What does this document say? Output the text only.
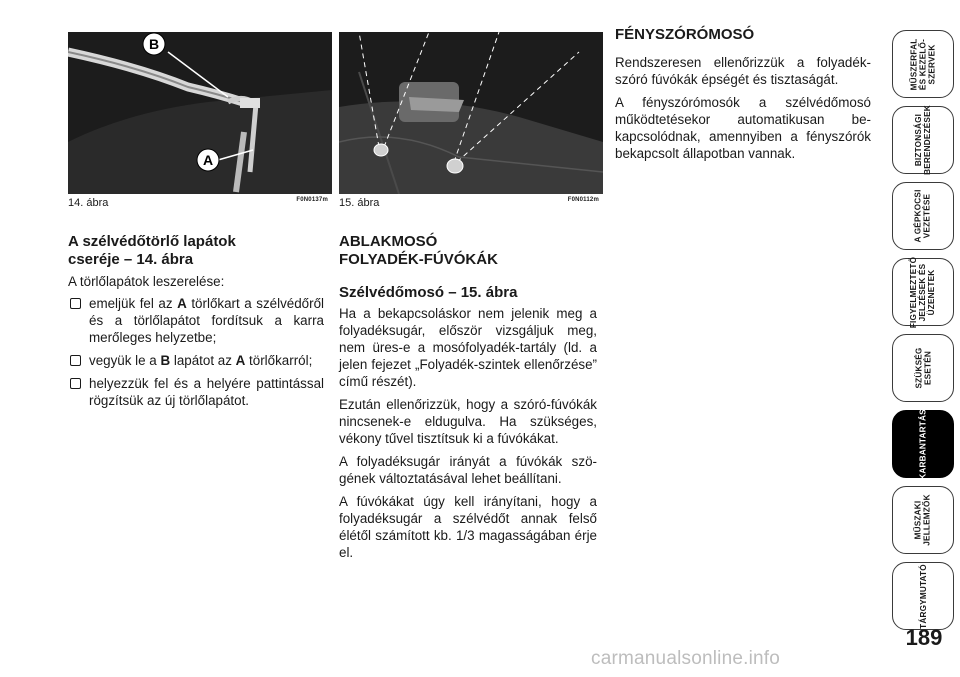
B
A
14. ábra	F0N0137m 15. ábra	F0N0112m
A szélvédőtörlő lapátok
cseréje – 14. ábra

A törlőlapátok leszerelése:

emeljük fel az A törlőkart a szélvédőről és a törlőlapátot fordítsuk a karra merőleges helyzetbe;
vegyük le a B lapátot az A törlőkarról;
helyezzük fel és a helyére pattintással rögzítsük az új törlőlapátot.
ABLAKMOSÓ
FOLYADÉK-FÚVÓKÁK
Szélvédőmosó – 15. ábra

Ha a bekapcsoláskor nem jelenik meg a folyadéksugár, először vizsgáljuk meg, nem üres-e a mosófolyadék-tartály (ld. a jelen fejezet „Folyadék-szintek ellenőrzése” című részét).

Ezután ellenőrizzük, hogy a szóró-fúvókák nincsenek-e eldugulva. Ha szükséges, vékony tűvel tisztítsuk ki a fúvókákat.

A folyadéksugár irányát a fúvókák szögének változtatásával lehet beállítani.

A fúvókákat úgy kell irányítani, hogy a folyadéksugár a szélvédőt annak felső élétől számított kb. 1/3 magasságában érje el.

FÉNYSZÓRÓMOSÓ

Rendszeresen ellenőrizzük a folyadékszóró fúvókák épségét és tisztaságát.

A fényszórómosók a szélvédőmosó működtetésekor automatikusan bekapcsolódnak, amennyiben a fényszórók bekapcsolt állapotban vannak.

MŰSZERFAL
ÉS KEZELŐ-
SZERVEK
BIZTONSÁGI
BERENDEZÉSEK
A GÉPKOCSI
VEZETÉSE
FIGYELMEZTETŐ
JELZÉSEK ÉS
ÜZENETEK
SZÜKSÉG
ESETÉN
KARBANTARTÁS
MŰSZAKI
JELLEMZŐK
TÁRGYMUTATÓ
189
carmanualsonline.info
